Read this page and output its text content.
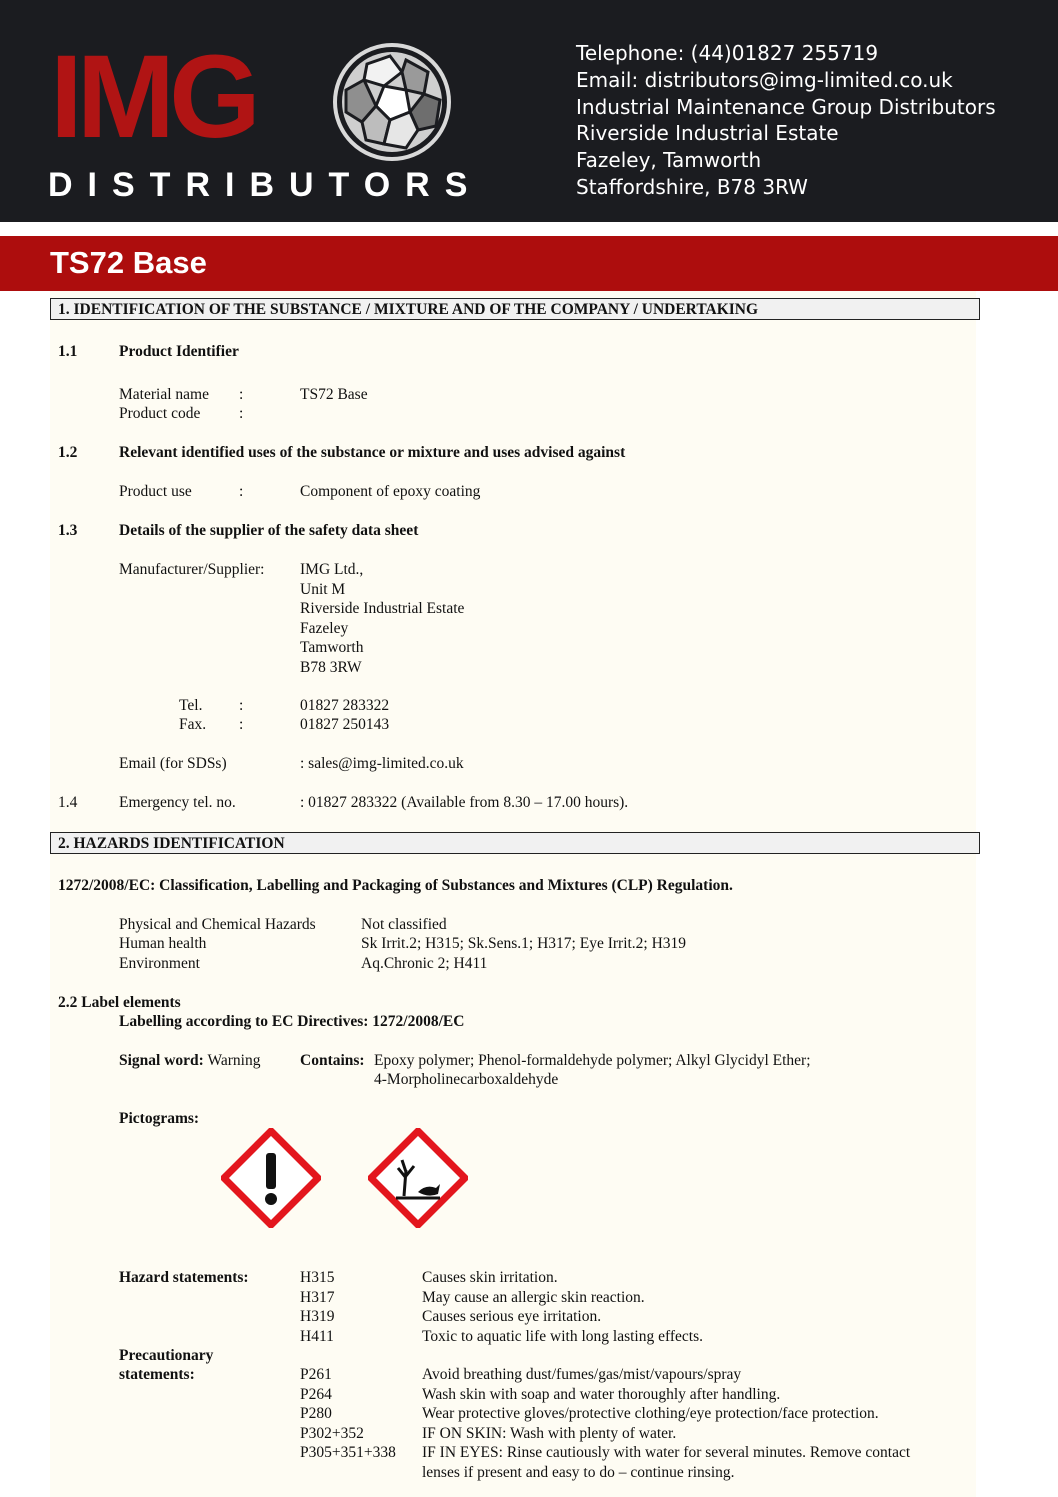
IMG
DISTRIBUTORS
Telephone: (44)01827 255719
Email: distributors@img-limited.co.uk
Industrial Maintenance Group Distributors
Riverside Industrial Estate
Fazeley, Tamworth
Staffordshire, B78 3RW
TS72 Base
1. IDENTIFICATION OF THE SUBSTANCE / MIXTURE AND OF THE COMPANY / UNDERTAKING
1.1	Product Identifier
Material name :	TS72 Base
Product code :
1.2	Relevant identified uses of the substance or mixture and uses advised against
Product use	:	Component of epoxy coating
1.3	Details of the supplier of the safety data sheet
Manufacturer/Supplier: IMG Ltd.,
Unit M
Riverside Industrial Estate
Fazeley
Tamworth
B78 3RW
Tel. :	01827 283322
Fax. :	01827 250143
Email (for SDSs)	: sales@img-limited.co.uk
1.4	Emergency tel. no.	: 01827 283322 (Available from 8.30 – 17.00 hours).
2. HAZARDS IDENTIFICATION
1272/2008/EC: Classification, Labelling and Packaging of Substances and Mixtures (CLP) Regulation.
Physical and Chemical Hazards	Not classified
Human health	Sk Irrit.2; H315; Sk.Sens.1; H317; Eye Irrit.2; H319
Environment	Aq.Chronic 2; H411
2.2 Label elements
Labelling according to EC Directives: 1272/2008/EC
Signal word: Warning	Contains: Epoxy polymer; Phenol-formaldehyde polymer; Alkyl Glycidyl Ether;
4-Morpholinecarboxaldehyde
Pictograms:
Hazard statements:	H315	Causes skin irritation.
H317	May cause an allergic skin reaction.
H319	Causes serious eye irritation.
H411	Toxic to aquatic life with long lasting effects.
Precautionary
statements:	P261	Avoid breathing dust/fumes/gas/mist/vapours/spray
P264	Wash skin with soap and water thoroughly after handling.
P280	Wear protective gloves/protective clothing/eye protection/face protection.
P302+352	IF ON SKIN: Wash with plenty of water.
P305+351+338 IF IN EYES: Rinse cautiously with water for several minutes. Remove contact
lenses if present and easy to do – continue rinsing.
